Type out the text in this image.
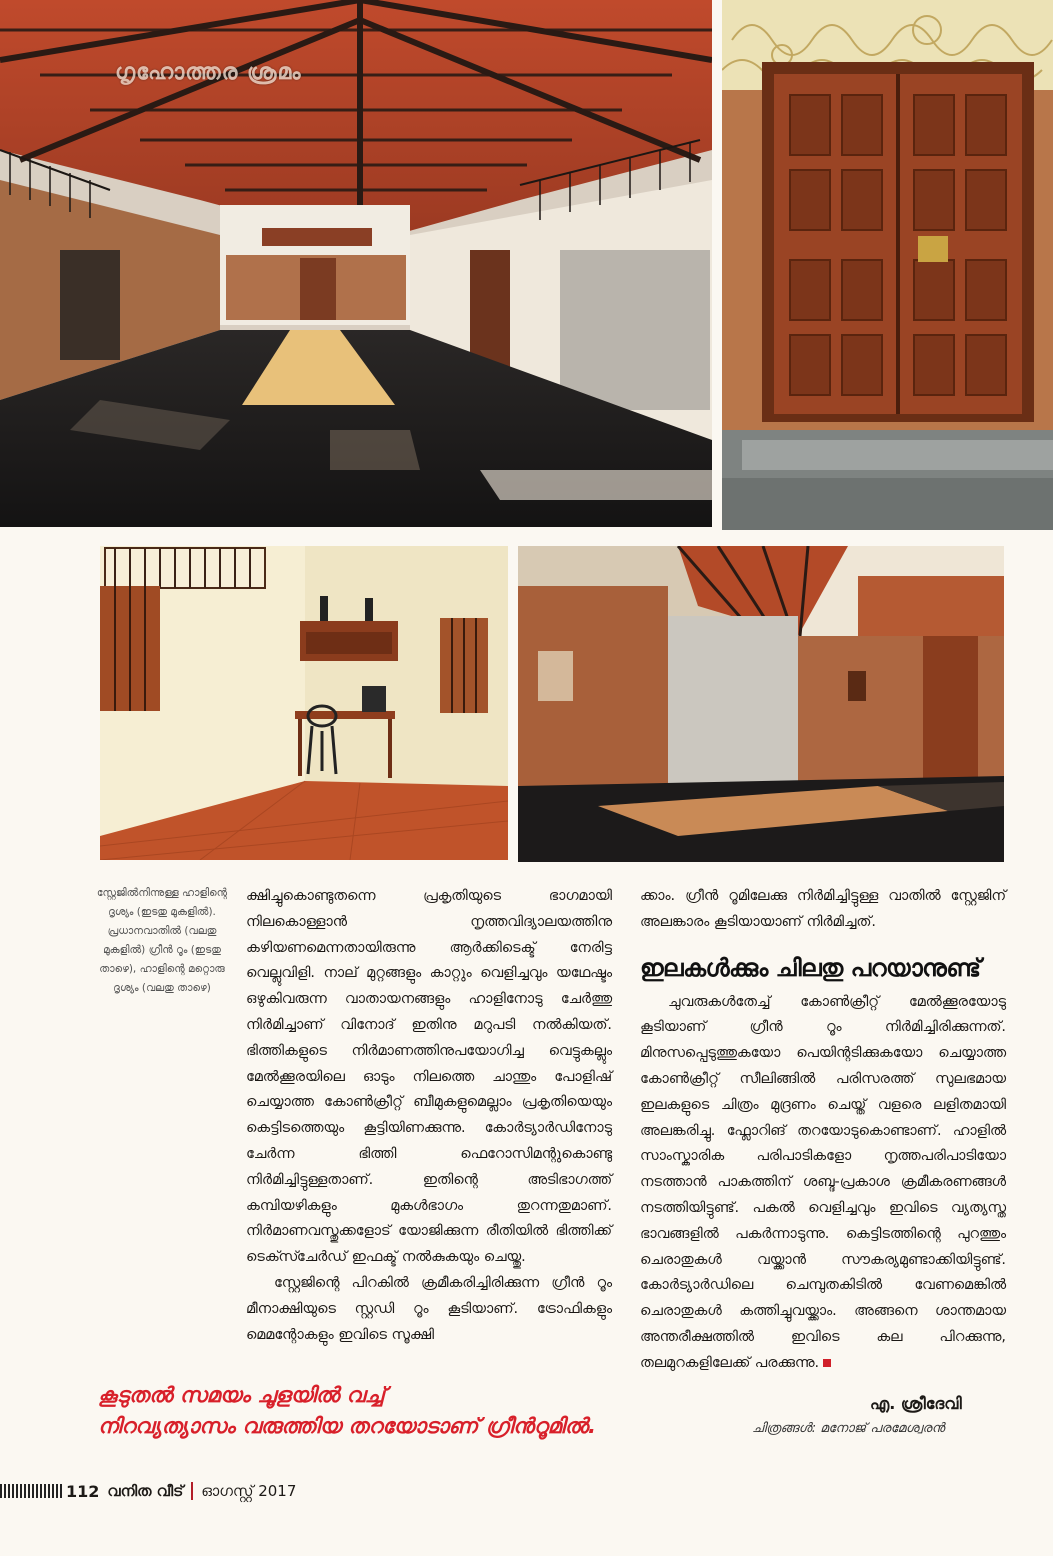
ഗൃഹോത്തര ശ്രമം
സ്റ്റേജിൽനിന്നുള്ള ഹാളിന്റെ ദൃശ്യം (ഇടതു മുകളിൽ). പ്രധാനവാതിൽ (വലതു മുകളിൽ) ഗ്രീൻ റൂം (ഇടതു താഴെ), ഹാളിന്റെ മറ്റൊരു ദൃശ്യം (വലതു താഴെ)

ക്ഷിച്ചുകൊണ്ടുതന്നെ പ്രകൃതിയുടെ ഭാഗമായി നിലകൊള്ളാൻ നൃത്തവിദ്യാലയത്തിനു കഴിയണമെന്നതായിരുന്നു ആർക്കിടെക്ട് നേരിട്ട വെല്ലുവിളി. നാല് മുറ്റങ്ങളും കാറ്റും വെളിച്ചവും യഥേഷ്ടം ഒഴുകിവരുന്ന വാതായനങ്ങളും ഹാളിനോടു ചേർത്തു നിർമിച്ചാണ് വിനോദ് ഇതിനു മറുപടി നൽകിയത്. ഭിത്തികളുടെ നിർമാണത്തിനുപയോഗിച്ച വെട്ടുകല്ലും മേൽക്കൂരയിലെ ഓടും നിലത്തെ ചാന്തും പോളിഷ് ചെയ്യാത്ത കോൺക്രീറ്റ് ബീമുകളുമെല്ലാം പ്രകൃതിയെയും കെട്ടിടത്തെയും കൂട്ടിയിണക്കുന്നു. കോർട്യാർഡിനോടു ചേർന്ന ഭിത്തി ഫെറോസിമന്റുകൊണ്ടു നിർമിച്ചിട്ടുള്ളതാണ്. ഇതിന്റെ അടിഭാഗത്ത് കമ്പിയഴികളും മുകൾഭാഗം തുറന്നതുമാണ്. നിർമാണവസ്തുക്കളോട് യോജിക്കുന്ന രീതിയിൽ ഭിത്തിക്ക് ടെക്സ്ചേർഡ് ഇഫക്ട് നൽകുകയും ചെയ്തു.

സ്റ്റേജിന്റെ പിറകിൽ ക്രമീകരിച്ചിരിക്കുന്ന ഗ്രീൻ റൂം മീനാക്ഷിയുടെ സ്റ്റഡി റൂം കൂടിയാണ്. ട്രോഫികളും മെമന്റോകളും ഇവിടെ സൂക്ഷി

ക്കാം. ഗ്രീൻ റൂമിലേക്കു നിർമിച്ചിട്ടുള്ള വാതിൽ സ്റ്റേജിന് അലങ്കാരം കൂടിയായാണ് നിർമിച്ചത്.

ഇലകൾക്കും ചിലതു പറയാനുണ്ട്

ചുവരുകൾതേച്ച് കോൺക്രീറ്റ് മേൽക്കൂരയോടു കൂടിയാണ് ഗ്രീൻ റൂം നിർമിച്ചിരിക്കുന്നത്. മിനുസപ്പെടുത്തുകയോ പെയിന്റടിക്കുകയോ ചെയ്യാത്ത കോൺക്രീറ്റ് സീലിങ്ങിൽ പരിസരത്ത് സുലഭമായ ഇലകളുടെ ചിത്രം മുദ്രണം ചെയ്ത് വളരെ ലളിതമായി അലങ്കരിച്ചു. ഫ്ലോറിങ് തറയോടുകൊണ്ടാണ്. ഹാളിൽ സാംസ്കാരിക പരിപാടികളോ നൃത്തപരിപാടിയോ നടത്താൻ പാകത്തിന് ശബ്ദ-പ്രകാശ ക്രമീകരണങ്ങൾ നടത്തിയിട്ടുണ്ട്. പകൽ വെളിച്ചവും ഇവിടെ വ്യത്യസ്ത ഭാവങ്ങളിൽ പകർന്നാടുന്നു. കെട്ടിടത്തിന്റെ പുറത്തും ചെരാതുകൾ വയ്ക്കാൻ സൗകര്യമുണ്ടാക്കിയിട്ടുണ്ട്. കോർട്യാർഡിലെ ചെമ്പുതകിടിൽ വേണമെങ്കിൽ ചെരാതുകൾ കത്തിച്ചുവയ്ക്കാം. അങ്ങനെ ശാന്തമായ അന്തരീക്ഷത്തിൽ ഇവിടെ കല പിറക്കുന്നു, തലമുറകളിലേക്ക് പരക്കുന്നു.

കൂടുതൽ സമയം ചൂളയിൽ വച്ച്
നിറവ്യത്യാസം വരുത്തിയ തറയോടാണ് ഗ്രീൻറൂമിൽ.
എ. ശ്രീദേവി
ചിത്രങ്ങൾ: മനോജ് പരമേശ്വരൻ
112 വനിത വീട് ഓഗസ്റ്റ് 2017
